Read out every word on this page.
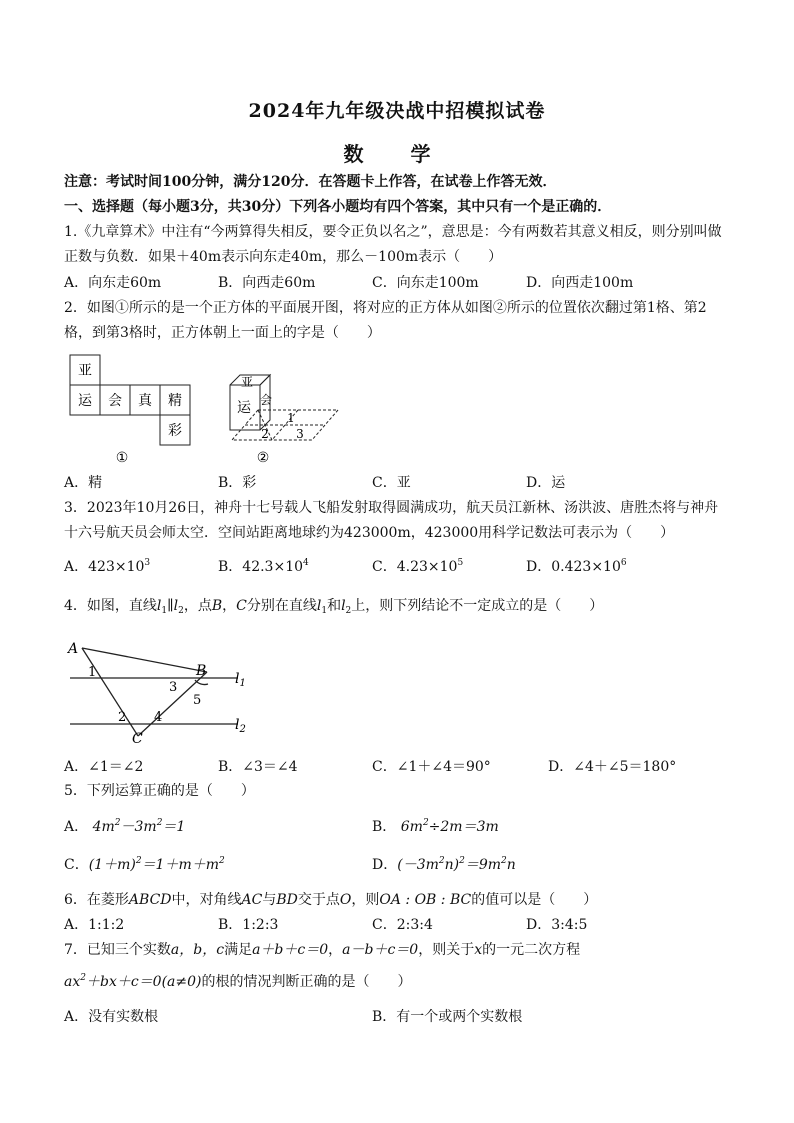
2024年九年级决战中招模拟试卷
数 学
注意：考试时间100分钟，满分120分．在答题卡上作答，在试卷上作答无效．
一、选择题（每小题3分，共30分）下列各小题均有四个答案，其中只有一个是正确的．
1.《九章算术》中注有“今两算得失相反，要令正负以名之”，意思是：今有两数若其意义相反，则分别叫做
正数与负数．如果＋40m表示向东走40m，那么－100m表示（　　）
A．向东走60m	B．向西走60m	C．向东走100m	D．向西走100m
2．如图①所示的是一个正方体的平面展开图，将对应的正方体从如图②所示的位置依次翻过第1格、第2
格，到第3格时，正方体朝上一面上的字是（　　）
亚
运 会 真 精
彩
①
亚
运 会
1
2 3
②
A．精	B．彩	C．亚	D．运
3．2023年10月26日，神舟十七号载人飞船发射取得圆满成功，航天员江新林、汤洪波、唐胜杰将与神舟
十六号航天员会师太空．空间站距离地球约为423000m，423000用科学记数法可表示为（　　）
A．$423\times 10^3$	B．$42.3\times 10^4$	C．$4.23\times 10^5$	D．$0.423\times 10^6$
4．如图，直线$l_1\parallel l_2$，点B，C分别在直线$l_1$和$l_2$上，则下列结论不一定成立的是（　　）
A
B
C
1
2
3
4
5
$l_1$
$l_2$
A．∠1＝∠2	B．∠3＝∠4	C．∠1＋∠4＝90°	D．∠4＋∠5＝180°
5．下列运算正确的是（　　）
A． $4m^2-3m^2=1$	B． $6m^2\div 2m=3m$
C．$(1+m)^2=1+m+m^2$	D．$(-3m^2n)^2=9m^2n$
6．在菱形ABCD中，对角线AC与BD交于点O，则OA : OB : BC的值可以是（　　）
A．1:1:2	B．1:2:3	C．2:3:4	D．3:4:5
7．已知三个实数a，b，c满足a＋b＋c＝0，a－b＋c＝0，则关于x的一元二次方程
$ax^2+bx+c=0(a\ne 0)$的根的情况判断正确的是（　　）
A．没有实数根	B．有一个或两个实数根
